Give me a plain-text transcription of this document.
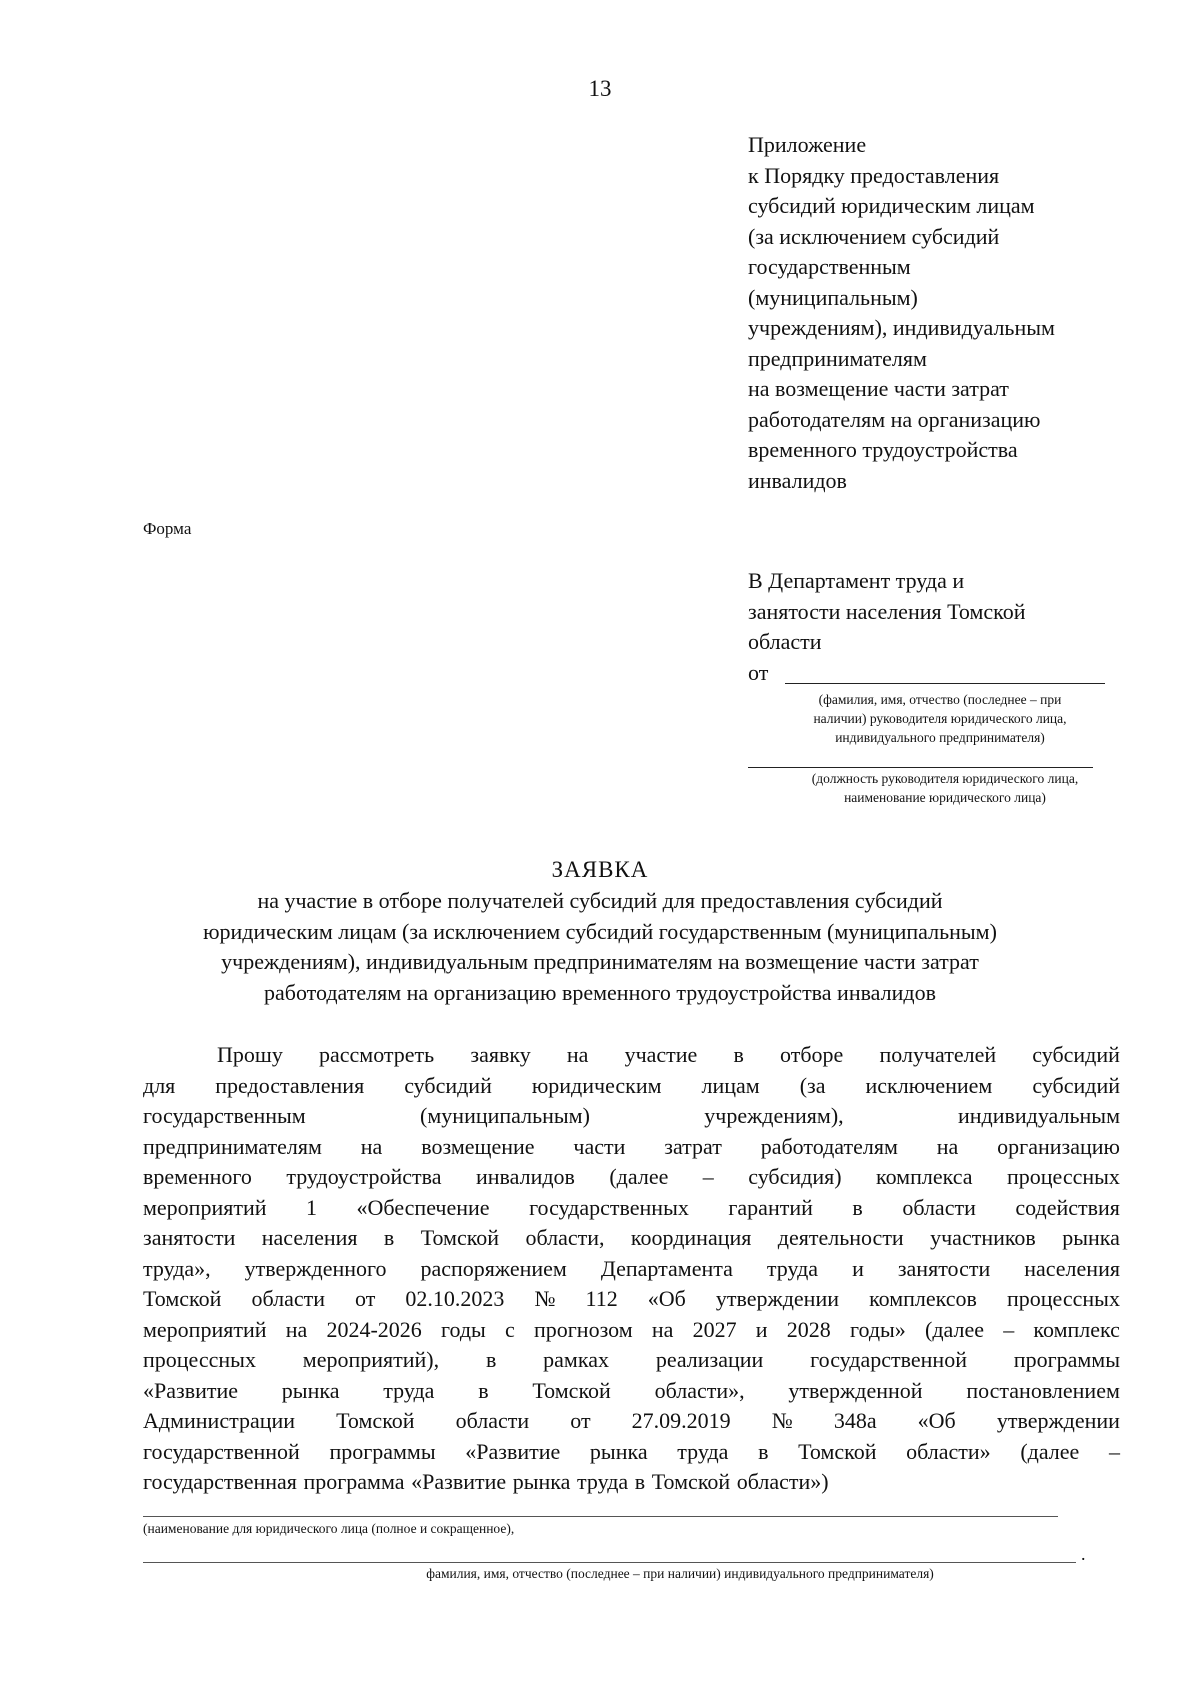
13
Приложение
к Порядку предоставления
субсидий юридическим лицам
(за исключением субсидий
государственным
(муниципальным)
учреждениям), индивидуальным
предпринимателям
на возмещение части затрат
работодателям на организацию
временного трудоустройства
инвалидов
Форма
В Департамент труда и
занятости населения Томской
области
от
(фамилия, имя, отчество (последнее – при
наличии) руководителя юридического лица,
индивидуального предпринимателя)
(должность руководителя юридического лица,
наименование юридического лица)
ЗАЯВКА
на участие в отборе получателей субсидий для предоставления субсидий
юридическим лицам (за исключением субсидий государственным (муниципальным)
учреждениям), индивидуальным предпринимателям на возмещение части затрат
работодателям на организацию временного трудоустройства инвалидов
Прошу рассмотреть заявку на участие в отборе получателей субсидий
для предоставления субсидий юридическим лицам (за исключением субсидий
государственным	(муниципальным)	учреждениям),	индивидуальным
предпринимателям на возмещение части затрат работодателям на организацию
временного трудоустройства инвалидов (далее – субсидия) комплекса процессных
мероприятий 1 «Обеспечение государственных гарантий в области содействия
занятости населения в Томской области, координация деятельности участников рынка
труда», утвержденного распоряжением Департамента труда и занятости населения
Томской области от 02.10.2023 № 112 «Об утверждении комплексов процессных
мероприятий на 2024-2026 годы с прогнозом на 2027 и 2028 годы» (далее – комплекс
процессных мероприятий), в рамках реализации государственной программы
«Развитие рынка труда в Томской области», утвержденной постановлением
Администрации Томской области от 27.09.2019 № 348а «Об утверждении
государственной программы «Развитие рынка труда в Томской области» (далее –
государственная программа «Развитие рынка труда в Томской области»)
(наименование для юридического лица (полное и сокращенное),
.
фамилия, имя, отчество (последнее – при наличии) индивидуального предпринимателя)
